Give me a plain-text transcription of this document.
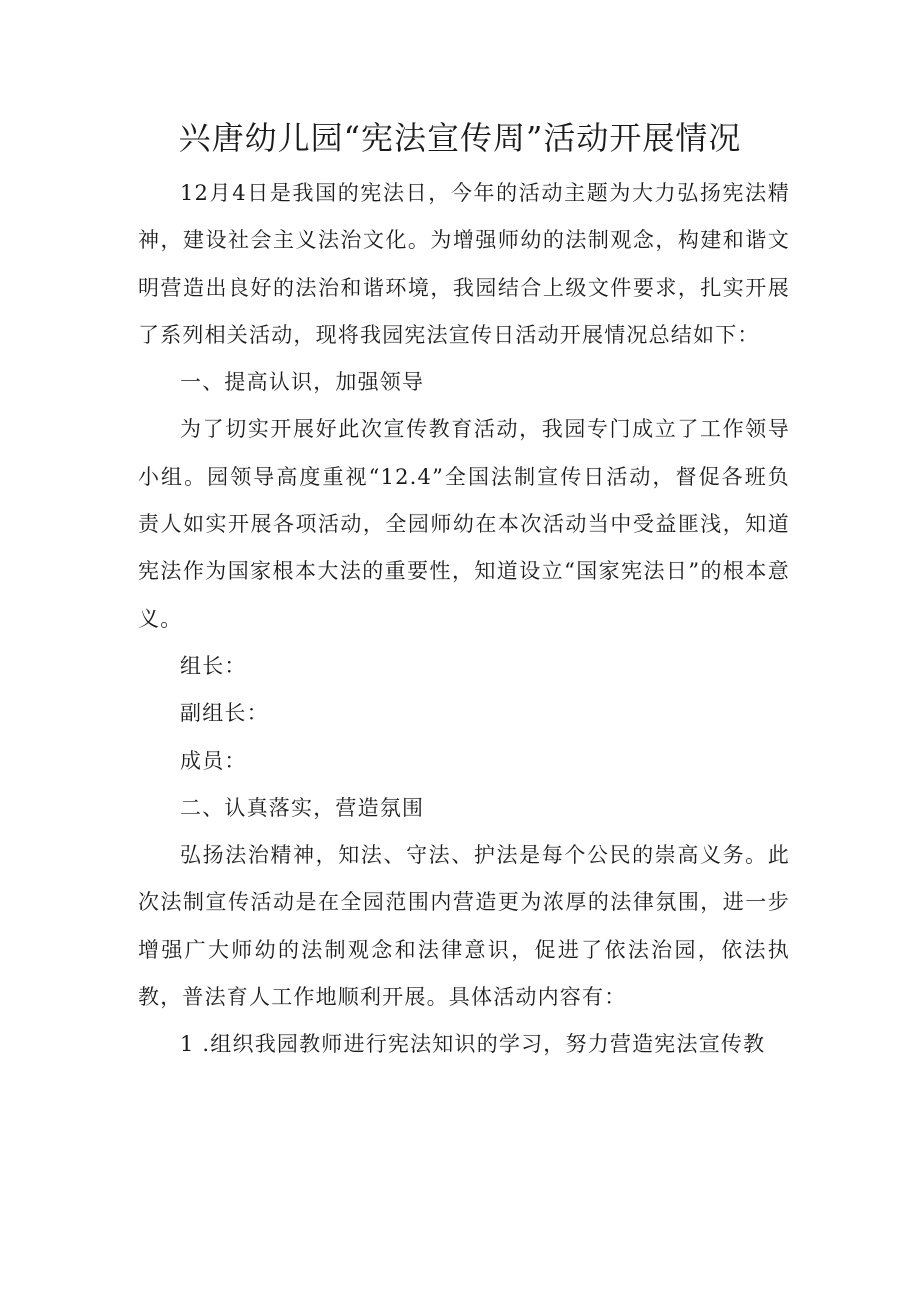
兴唐幼儿园“宪法宣传周”活动开展情况

12月4日是我国的宪法日，今年的活动主题为大力弘扬宪法精神，建设社会主义法治文化。为增强师幼的法制观念，构建和谐文明营造出良好的法治和谐环境，我园结合上级文件要求，扎实开展了系列相关活动，现将我园宪法宣传日活动开展情况总结如下：

一、提高认识，加强领导

为了切实开展好此次宣传教育活动，我园专门成立了工作领导小组。园领导高度重视“12.4”全国法制宣传日活动，督促各班负责人如实开展各项活动，全园师幼在本次活动当中受益匪浅，知道宪法作为国家根本大法的重要性，知道设立“国家宪法日”的根本意义。

组长：

副组长：

成员：

二、认真落实，营造氛围

弘扬法治精神，知法、守法、护法是每个公民的崇高义务。此次法制宣传活动是在全园范围内营造更为浓厚的法律氛围，进一步增强广大师幼的法制观念和法律意识，促进了依法治园，依法执教，普法育人工作地顺利开展。具体活动内容有：

1 .组织我园教师进行宪法知识的学习，努力营造宪法宣传教
